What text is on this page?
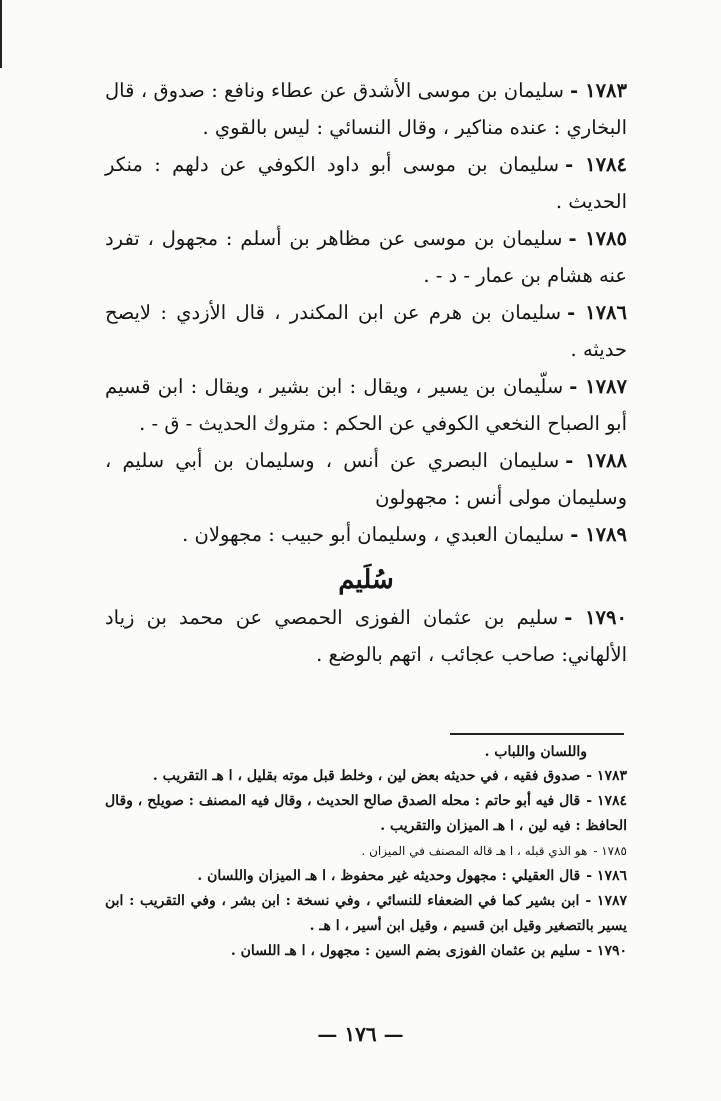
١٧٨٣ -سليمان بن موسى الأشدق عن عطاء ونافع : صدوق ، قال البخاري : عنده مناكير ، وقال النسائي : ليس بالقوي .
١٧٨٤ -سليمان بن موسى أبو داود الكوفي عن دلهم : منكر الحديث .
١٧٨٥ -سليمان بن موسى عن مظاهر بن أسلم : مجهول ، تفرد عنه هشام بن عمار - د - .
١٧٨٦ -سليمان بن هرم عن ابن المكندر ، قال الأزدي : لايصح حديثه .
١٧٨٧ -سلّيمان بن يسير ، ويقال : ابن بشير ، ويقال : ابن قسيم أبو الصباح النخعي الكوفي عن الحكم : متروك الحديث - ق - .
١٧٨٨ -سليمان البصري عن أنس ، وسليمان بن أبي سليم ، وسليمان مولى أنس : مجهولون
١٧٨٩ -سليمان العبدي ، وسليمان أبو حبيب : مجهولان .
سُلَيم
١٧٩٠ -سليم بن عثمان الفوزى الحمصي عن محمد بن زياد الألهاني: صاحب عجائب ، اتهم بالوضع .
واللسان واللباب .
١٧٨٣ -صدوق فقيه ، في حديثه بعض لين ، وخلط قبل موته بقليل ، ا هـ التقريب .
١٧٨٤ -قال فيه أبو حاتم : محله الصدق صالح الحديث ، وقال فيه المصنف : صويلح ، وقال الحافظ : فيه لين ، ا هـ الميزان والتقريب .
١٧٨٥ -هو الذي قبله ، ا هـ قاله المصنف في الميزان .
١٧٨٦ -قال العقيلي : مجهول وحديثه غير محفوظ ، ا هـ الميزان واللسان .
١٧٨٧ -ابن بشير كما في الضعفاء للنسائي ، وفي نسخة : ابن بشر ، وفي التقريب : ابن يسير بالتصغير وقيل ابن قسيم ، وقيل ابن أسير ، ا هـ .
١٧٩٠ -سليم بن عثمان الفوزى بضم السين : مجهول ، ا هـ اللسان .
— ١٧٦ —
